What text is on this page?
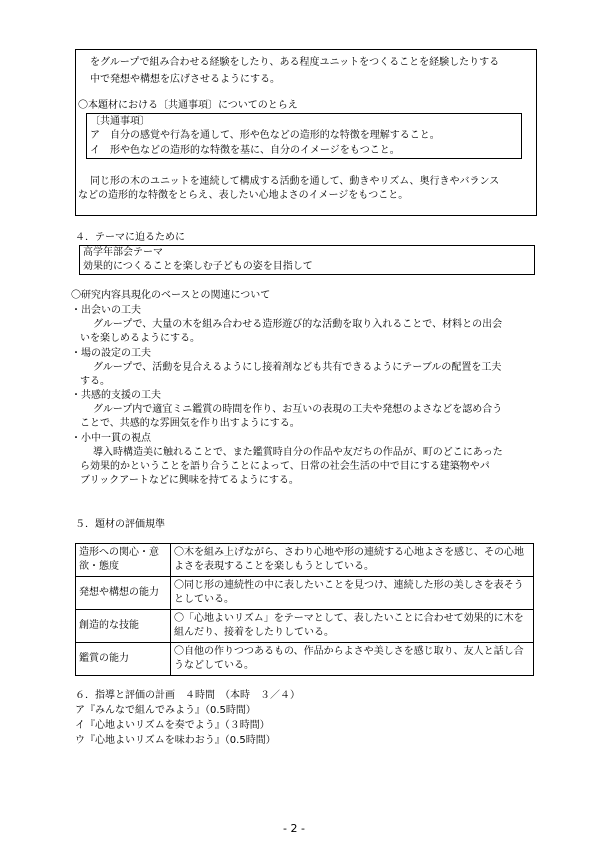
をグループで組み合わせる経験をしたり、ある程度ユニットをつくることを経験したりする
中で発想や構想を広げさせるようにする。
〇本題材における〔共通事項〕についてのとらえ
〔共通事項〕
ア　自分の感覚や行為を通して、形や色などの造形的な特徴を理解すること。
イ　形や色などの造形的な特徴を基に、自分のイメージをもつこと。
同じ形の木のユニットを連続して構成する活動を通して、動きやリズム、奥行きやバランス
などの造形的な特徴をとらえ、表したい心地よさのイメージをもつこと。
４．テーマに迫るために
高学年部会テーマ
効果的につくることを楽しむ子どもの姿を目指して
〇研究内容具現化のベースとの関連について
・出会いの工夫
グループで、大量の木を組み合わせる造形遊び的な活動を取り入れることで、材料との出会
いを楽しめるようにする。
・場の設定の工夫
グループで、活動を見合えるようにし接着剤なども共有できるようにテーブルの配置を工夫
する。
・共感的支援の工夫
グループ内で適宜ミニ鑑賞の時間を作り、お互いの表現の工夫や発想のよさなどを認め合う
ことで、共感的な雰囲気を作り出すようにする。
・小中一貫の視点
導入時構造美に触れることで、また鑑賞時自分の作品や友だちの作品が、町のどこにあった
ら効果的かということを語り合うことによって、日常の社会生活の中で目にする建築物やパ
ブリックアートなどに興味を持てるようにする。
５．題材の評価規準
造形への関心・意欲・態度	〇木を組み上げながら、さわり心地や形の連続する心地よさを感じ、その心地よさを表現することを楽しもうとしている。
発想や構想の能力	〇同じ形の連続性の中に表したいことを見つけ、連続した形の美しさを表そうとしている。
創造的な技能	〇「心地よいリズム」をテーマとして、表したいことに合わせて効果的に木を組んだり、接着をしたりしている。
鑑賞の能力	〇自他の作りつつあるもの、作品からよさや美しさを感じ取り、友人と話し合うなどしている。
６．指導と評価の計画　４時間　（本時　３／４）
ア『みんなで組んでみよう』（0.5時間）
イ『心地よいリズムを奏でよう』（３時間）
ウ『心地よいリズムを味わおう』（0.5時間）
- 2 -
